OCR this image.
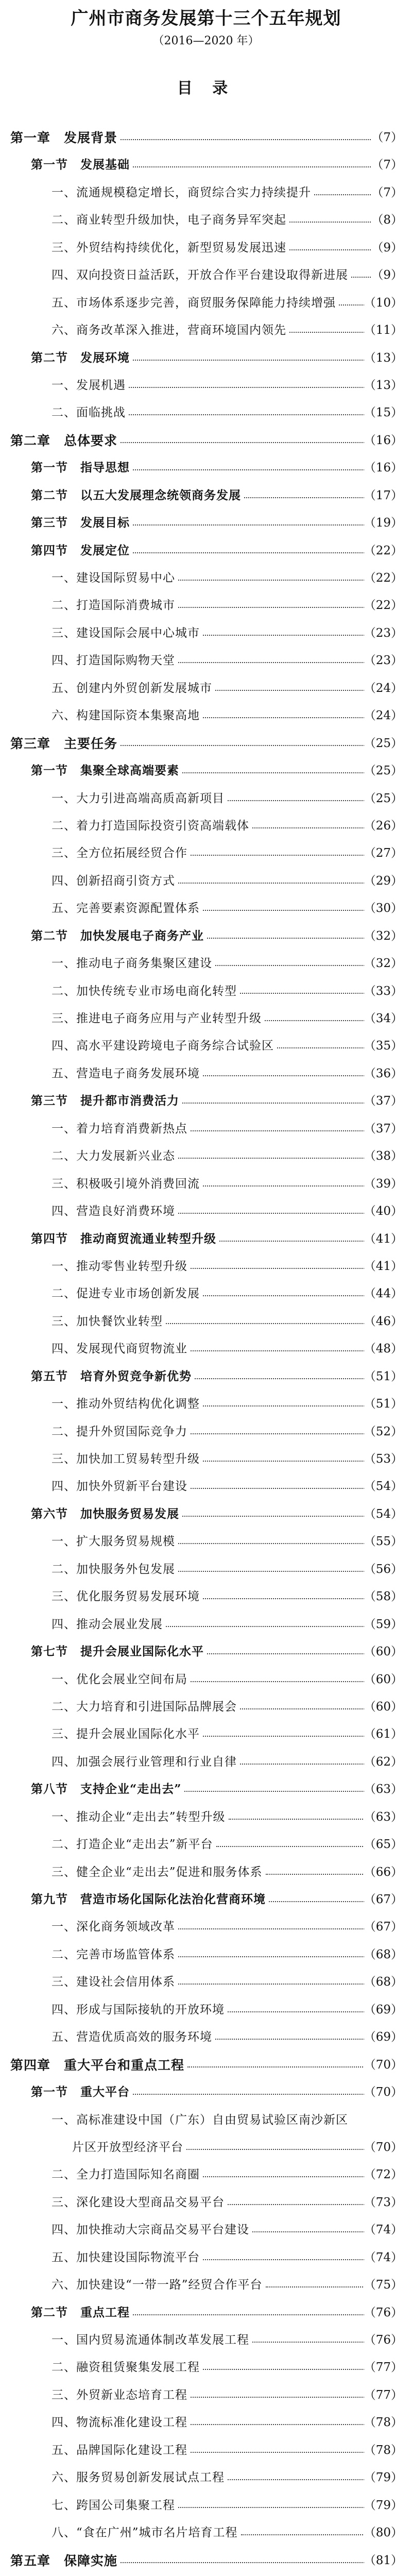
广州市商务发展第十三个五年规划
（2016—2020 年）
目 录
第一章　发展背景	（7）
第一节　发展基础	（7）
一、流通规模稳定增长，商贸综合实力持续提升	（7）
二、商业转型升级加快，电子商务异军突起	（8）
三、外贸结构持续优化，新型贸易发展迅速	（9）
四、双向投资日益活跃，开放合作平台建设取得新进展 （9）
五、市场体系逐步完善，商贸服务保障能力持续增强 （10）
六、商务改革深入推进，营商环境国内领先	（11）
第二节　发展环境	（13）
一、发展机遇	（13）
二、面临挑战	（15）
第二章　总体要求	（16）
第一节　指导思想	（16）
第二节　以五大发展理念统领商务发展	（17）
第三节　发展目标	（19）
第四节　发展定位	（22）
一、建设国际贸易中心	（22）
二、打造国际消费城市	（22）
三、建设国际会展中心城市	（23）
四、打造国际购物天堂	（23）
五、创建内外贸创新发展城市	（24）
六、构建国际资本集聚高地	（24）
第三章　主要任务	（25）
第一节　集聚全球高端要素	（25）
一、大力引进高端高质高新项目	（25）
二、着力打造国际投资引资高端载体	（26）
三、全方位拓展经贸合作	（27）
四、创新招商引资方式	（29）
五、完善要素资源配置体系	（30）
第二节　加快发展电子商务产业	（32）
一、推动电子商务集聚区建设	（32）
二、加快传统专业市场电商化转型	（33）
三、推进电子商务应用与产业转型升级	（34）
四、高水平建设跨境电子商务综合试验区	（35）
五、营造电子商务发展环境	（36）
第三节　提升都市消费活力	（37）
一、着力培育消费新热点	（37）
二、大力发展新兴业态	（38）
三、积极吸引境外消费回流	（39）
四、营造良好消费环境	（40）
第四节　推动商贸流通业转型升级	（41）
一、推动零售业转型升级	（41）
二、促进专业市场创新发展	（44）
三、加快餐饮业转型	（46）
四、发展现代商贸物流业	（48）
第五节　培育外贸竞争新优势	（51）
一、推动外贸结构优化调整	（51）
二、提升外贸国际竞争力	（52）
三、加快加工贸易转型升级	（53）
四、加快外贸新平台建设	（54）
第六节　加快服务贸易发展	（54）
一、扩大服务贸易规模	（55）
二、加快服务外包发展	（56）
三、优化服务贸易发展环境	（58）
四、推动会展业发展	（59）
第七节　提升会展业国际化水平	（60）
一、优化会展业空间布局	（60）
二、大力培育和引进国际品牌展会	（60）
三、提升会展业国际化水平	（61）
四、加强会展行业管理和行业自律	（62）
第八节　支持企业“走出去”	（63）
一、推动企业“走出去”转型升级	（63）
二、打造企业“走出去”新平台	（65）
三、健全企业“走出去”促进和服务体系	（66）
第九节　营造市场化国际化法治化营商环境	（67）
一、深化商务领域改革	（67）
二、完善市场监管体系	（68）
三、建设社会信用体系	（68）
四、形成与国际接轨的开放环境	（69）
五、营造优质高效的服务环境	（69）
第四章　重大平台和重点工程	（70）
第一节　重大平台	（70）
一、高标准建设中国（广东）自由贸易试验区南沙新区
片区开放型经济平台	（70）
二、全力打造国际知名商圈	（72）
三、深化建设大型商品交易平台	（73）
四、加快推动大宗商品交易平台建设	（74）
五、加快建设国际物流平台	（74）
六、加快建设“一带一路”经贸合作平台	（75）
第二节　重点工程	（76）
一、国内贸易流通体制改革发展工程	（76）
二、融资租赁聚集发展工程	（77）
三、外贸新业态培育工程	（77）
四、物流标准化建设工程	（78）
五、品牌国际化建设工程	（78）
六、服务贸易创新发展试点工程	（79）
七、跨国公司集聚工程	（79）
八、“食在广州”城市名片培育工程	（80）
第五章　保障实施	（81）
